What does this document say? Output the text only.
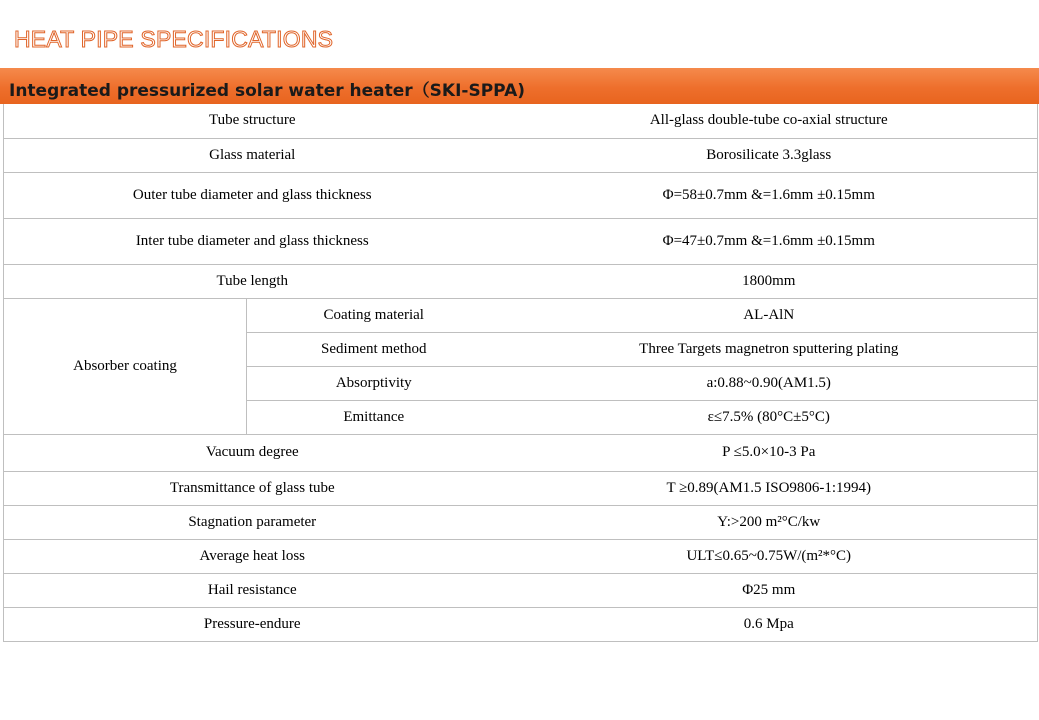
HEAT PIPE SPECIFICATIONS
Integrated pressurized solar water heater（SKI-SPPA)
Tube structure		All-glass double-tube co-axial structure
Glass material		Borosilicate 3.3glass
Outer tube diameter and glass thickness		Φ=58±0.7mm &=1.6mm ±0.15mm
Inter tube diameter and glass thickness		Φ=47±0.7mm &=1.6mm ±0.15mm
Tube length		1800mm
Absorber coating	Coating material	AL-AlN
	Sediment method	Three Targets magnetron sputtering plating
	Absorptivity	a:0.88~0.90(AM1.5)
	Emittance	ε≤7.5% (80°C±5°C)
Vacuum degree		P ≤5.0×10-3 Pa
Transmittance of glass tube		T ≥0.89(AM1.5 ISO9806-1:1994)
Stagnation parameter		Y:>200 m²°C/kw
Average heat loss		ULT≤0.65~0.75W/(m²*°C)
Hail resistance		Φ25 mm
Pressure-endure		0.6 Mpa
